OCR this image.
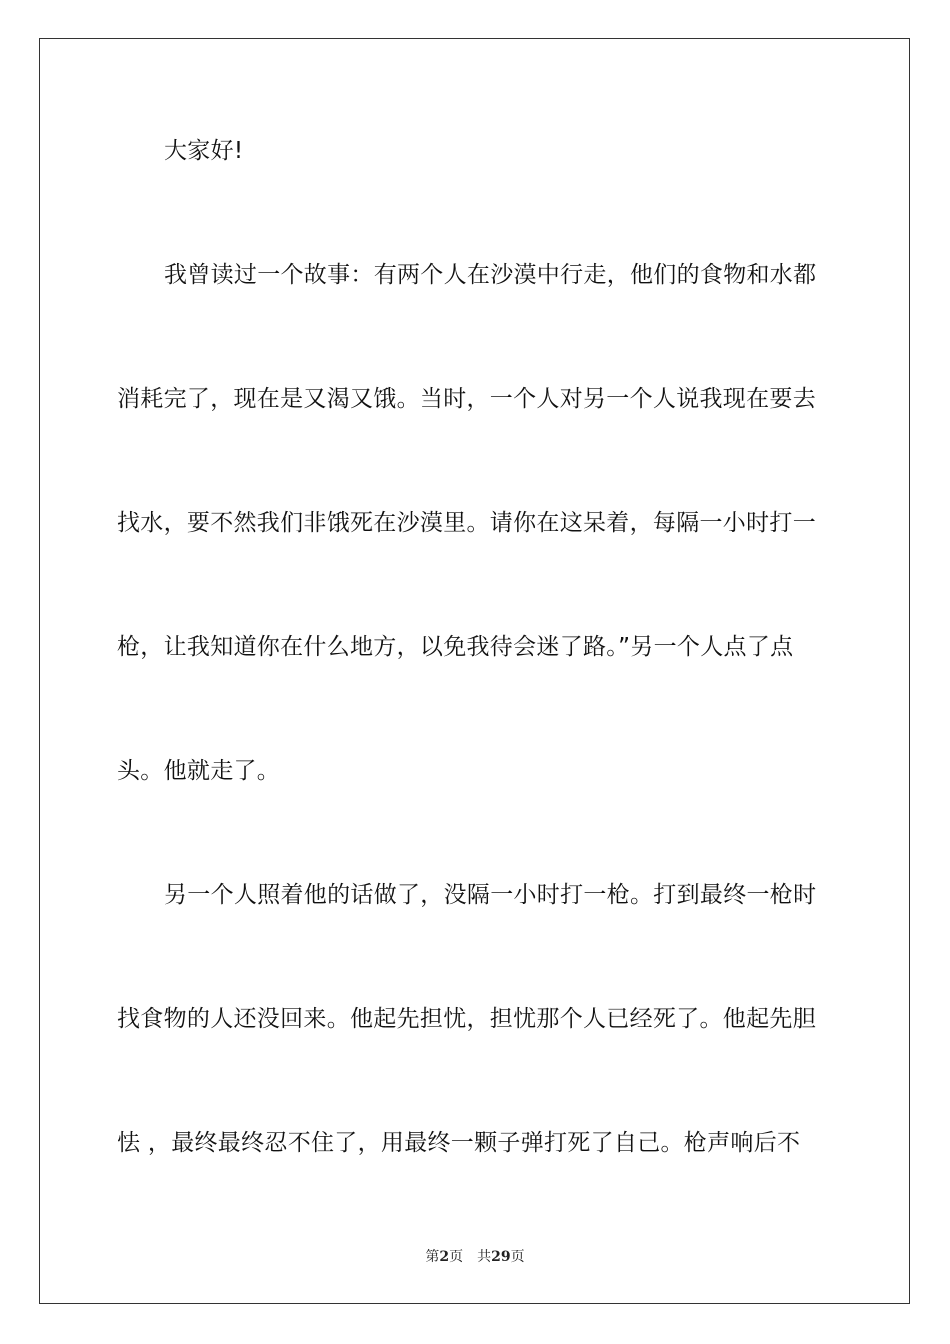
大家好!
我曾读过一个故事：有两个人在沙漠中行走，他们的食物和水都
消耗完了，现在是又渴又饿。当时，一个人对另一个人说我现在要去
找水，要不然我们非饿死在沙漠里。请你在这呆着，每隔一小时打一
枪，让我知道你在什么地方，以免我待会迷了路。”另一个人点了点
头。他就走了。
另一个人照着他的话做了，没隔一小时打一枪。打到最终一枪时
找食物的人还没回来。他起先担忧，担忧那个人已经死了。他起先胆
怯 ，最终最终忍不住了，用最终一颗子弹打死了自己。枪声响后不
第2页 共29页
